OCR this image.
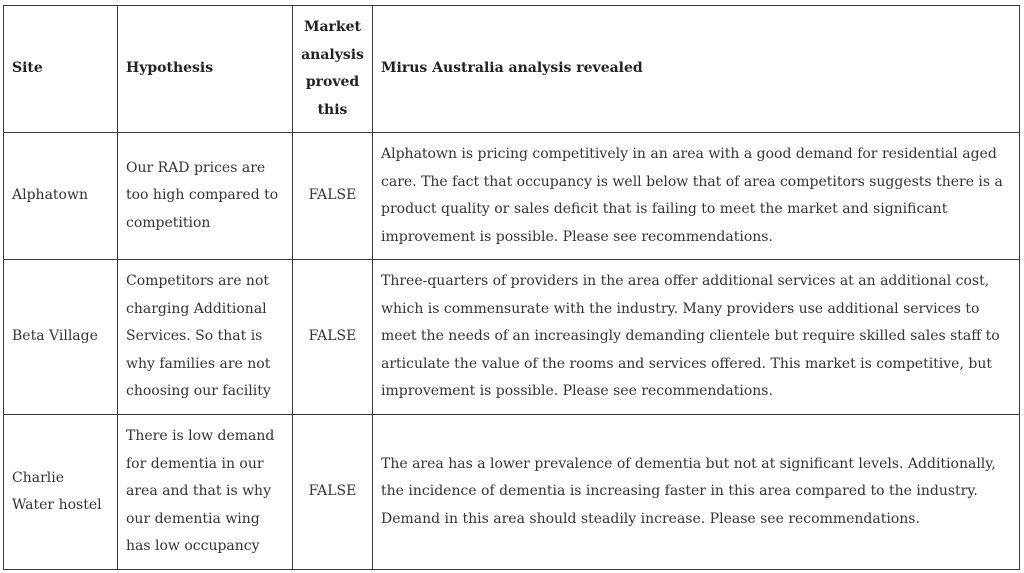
Site	Hypothesis	Market analysis proved this	Mirus Australia analysis revealed
Alphatown	Our RAD prices are too high compared to competition	FALSE	Alphatown is pricing competitively in an area with a good demand for residential aged care. The fact that occupancy is well below that of area competitors suggests there is a product quality or sales deficit that is failing to meet the market and significant improvement is possible. Please see recommendations.
Beta Village	Competitors are not charging Additional Services. So that is why families are not choosing our facility	FALSE	Three-quarters of providers in the area offer additional services at an additional cost, which is commensurate with the industry. Many providers use additional services to meet the needs of an increasingly demanding clientele but require skilled sales staff to articulate the value of the rooms and services offered. This market is competitive, but improvement is possible. Please see recommendations.
Charlie Water hostel	There is low demand for dementia in our area and that is why our dementia wing has low occupancy	FALSE	The area has a lower prevalence of dementia but not at significant levels. Additionally, the incidence of dementia is increasing faster in this area compared to the industry. Demand in this area should steadily increase. Please see recommendations.
